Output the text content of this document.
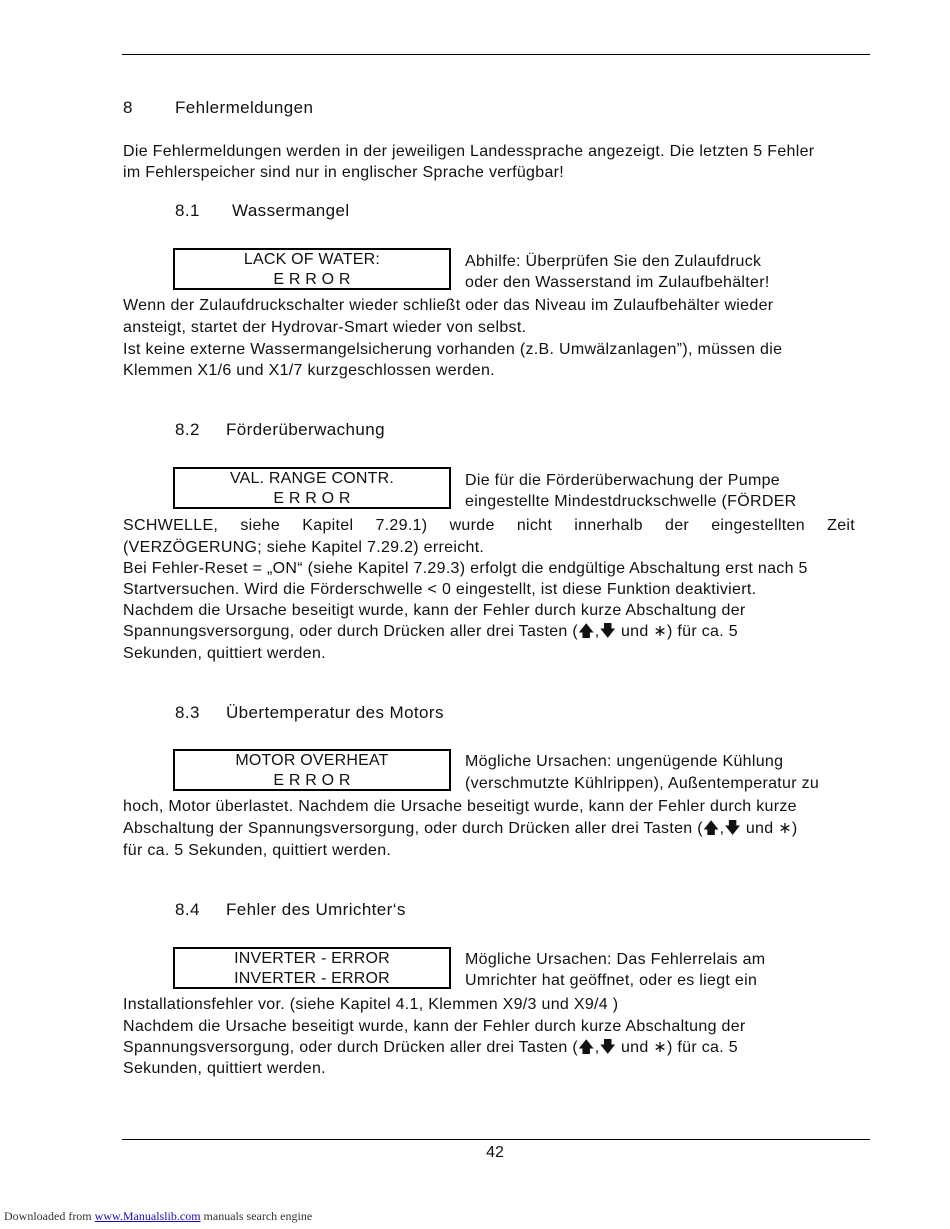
8 Fehlermeldungen
Die Fehlermeldungen werden in der jeweiligen Landessprache angezeigt. Die letzten 5 Fehler
im Fehlerspeicher sind nur in englischer Sprache verfügbar!
8.1 Wassermangel
LACK OF WATER:
E R R O R
Abhilfe: Überprüfen Sie den Zulaufdruck
oder den Wasserstand im Zulaufbehälter!
Wenn der Zulaufdruckschalter wieder schließt oder das Niveau im Zulaufbehälter wieder
ansteigt, startet der Hydrovar-Smart wieder von selbst.
Ist keine externe Wassermangelsicherung vorhanden (z.B. Umwälzanlagen”), müssen die
Klemmen X1/6 und X1/7 kurzgeschlossen werden.
8.2 Förderüberwachung
VAL. RANGE CONTR.
E R R O R
Die für die Förderüberwachung der Pumpe
eingestellte Mindestdruckschwelle (FÖRDER
SCHWELLE, siehe Kapitel 7.29.1) wurde nicht innerhalb der eingestellten Zeit
(VERZÖGERUNG; siehe Kapitel 7.29.2) erreicht.
Bei Fehler-Reset = „ON“ (siehe Kapitel 7.29.3) erfolgt die endgültige Abschaltung erst nach 5
Startversuchen. Wird die Förderschwelle < 0 eingestellt, ist diese Funktion deaktiviert.
Nachdem die Ursache beseitigt wurde, kann der Fehler durch kurze Abschaltung der
Spannungsversorgung, oder durch Drücken aller drei Tasten (🡅,🡇 und ∗) für ca. 5
Sekunden, quittiert werden.
8.3 Übertemperatur des Motors
MOTOR OVERHEAT
E R R O R
Mögliche Ursachen: ungenügende Kühlung
(verschmutzte Kühlrippen), Außentemperatur zu
hoch, Motor überlastet. Nachdem die Ursache beseitigt wurde, kann der Fehler durch kurze
Abschaltung der Spannungsversorgung, oder durch Drücken aller drei Tasten (🡅,🡇 und ∗)
für ca. 5 Sekunden, quittiert werden.
8.4 Fehler des Umrichter‘s
INVERTER - ERROR
INVERTER - ERROR
Mögliche Ursachen: Das Fehlerrelais am
Umrichter hat geöffnet, oder es liegt ein
Installationsfehler vor. (siehe Kapitel 4.1, Klemmen X9/3 und X9/4 )
Nachdem die Ursache beseitigt wurde, kann der Fehler durch kurze Abschaltung der
Spannungsversorgung, oder durch Drücken aller drei Tasten (🡅,🡇 und ∗) für ca. 5
Sekunden, quittiert werden.
42
Downloaded from www.Manualslib.com manuals search engine
